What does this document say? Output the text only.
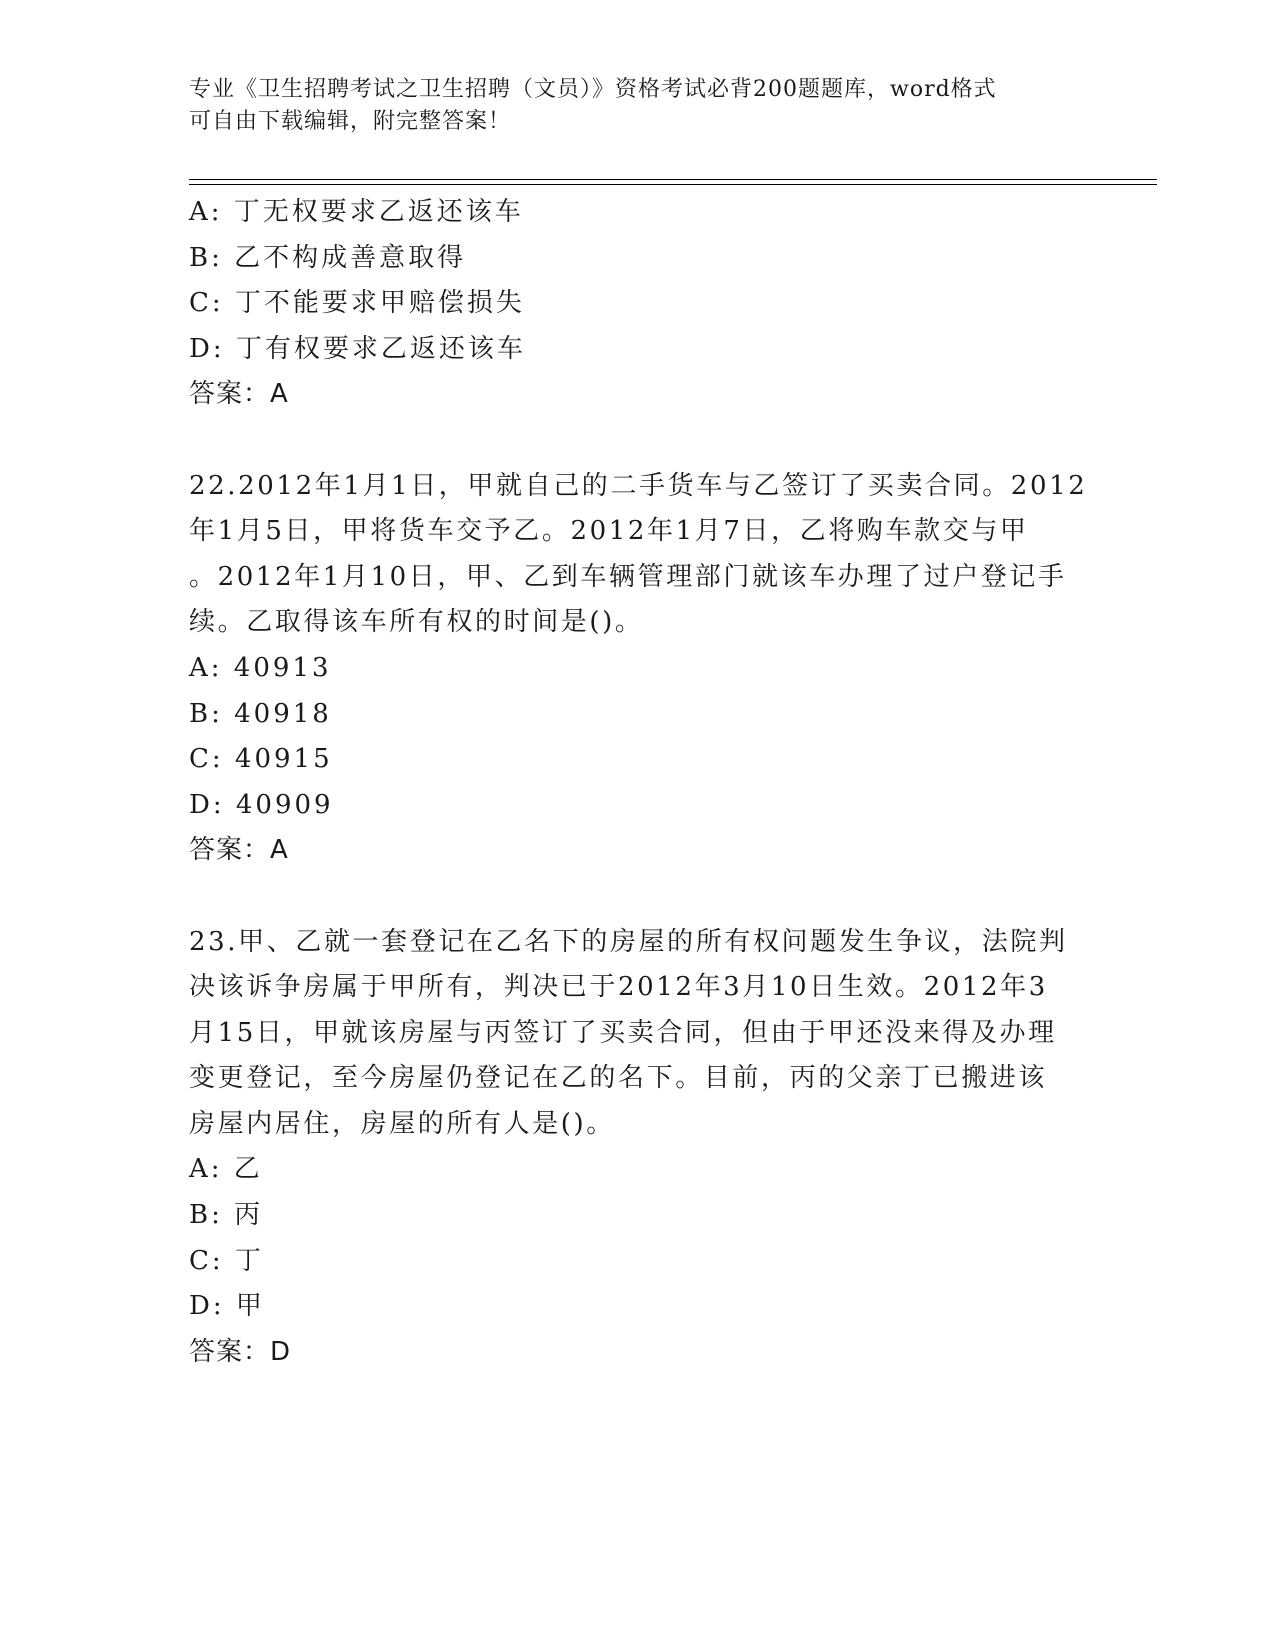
专业《卫生招聘考试之卫生招聘（文员）》资格考试必背200题题库，word格式
可自由下载编辑，附完整答案！
A: 丁无权要求乙返还该车
B: 乙不构成善意取得
C: 丁不能要求甲赔偿损失
D: 丁有权要求乙返还该车
答案：A
22.2012年1月1日，甲就自己的二手货车与乙签订了买卖合同。2012
年1月5日，甲将货车交予乙。2012年1月7日，乙将购车款交与甲
。2012年1月10日，甲、乙到车辆管理部门就该车办理了过户登记手
续。乙取得该车所有权的时间是()。
A: 40913
B: 40918
C: 40915
D: 40909
答案：A
23.甲、乙就一套登记在乙名下的房屋的所有权问题发生争议，法院判
决该诉争房属于甲所有，判决已于2012年3月10日生效。2012年3
月15日，甲就该房屋与丙签订了买卖合同，但由于甲还没来得及办理
变更登记，至今房屋仍登记在乙的名下。目前，丙的父亲丁已搬进该
房屋内居住，房屋的所有人是()。
A: 乙
B: 丙
C: 丁
D: 甲
答案：D
